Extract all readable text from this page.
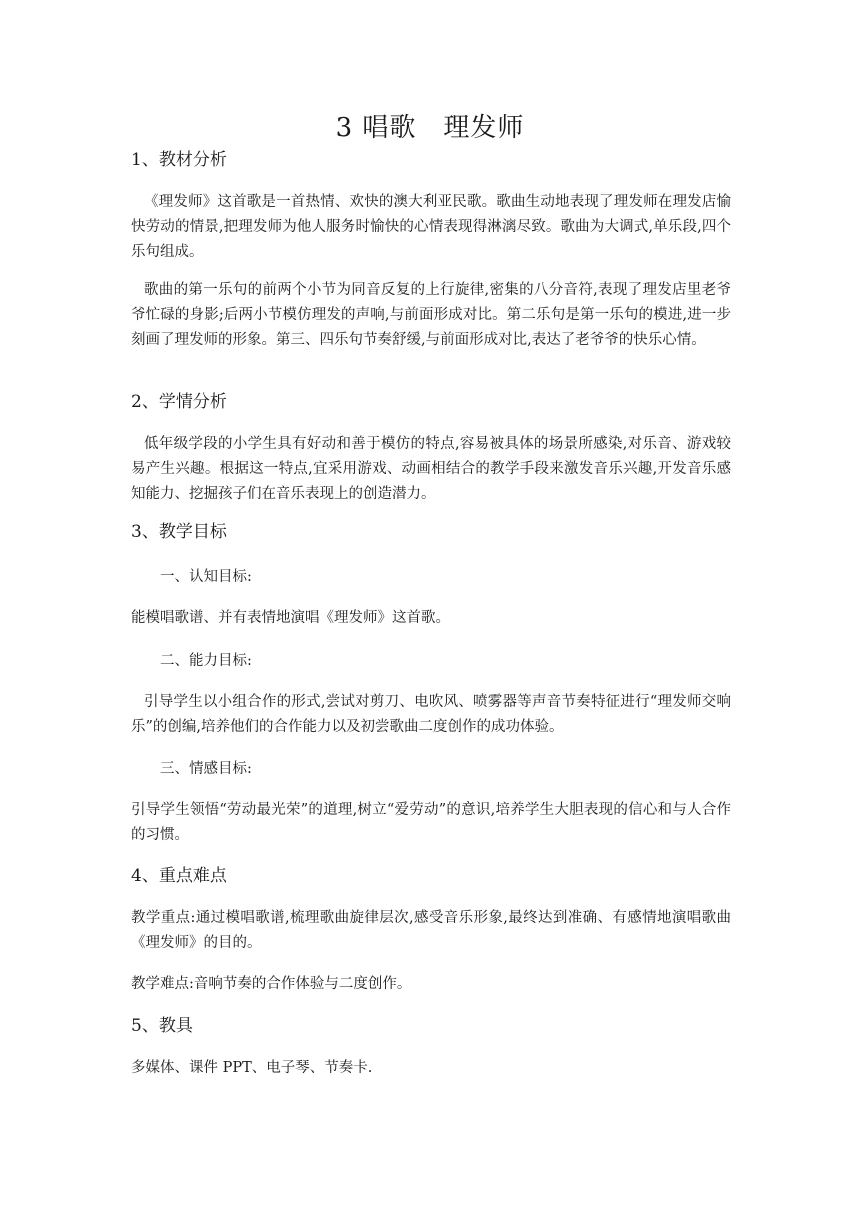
3 唱歌　理发师
1、教材分析
《理发师》这首歌是一首热情、欢快的澳大利亚民歌。歌曲生动地表现了理发师在理发店愉快劳动的情景,把理发师为他人服务时愉快的心情表现得淋漓尽致。歌曲为大调式,单乐段,四个乐句组成。
歌曲的第一乐句的前两个小节为同音反复的上行旋律,密集的八分音符,表现了理发店里老爷爷忙碌的身影;后两小节模仿理发的声响,与前面形成对比。第二乐句是第一乐句的模进,进一步刻画了理发师的形象。第三、四乐句节奏舒缓,与前面形成对比,表达了老爷爷的快乐心情。
2、学情分析
低年级学段的小学生具有好动和善于模仿的特点,容易被具体的场景所感染,对乐音、游戏较易产生兴趣。根据这一特点,宜采用游戏、动画相结合的教学手段来激发音乐兴趣,开发音乐感知能力、挖掘孩子们在音乐表现上的创造潜力。
3、教学目标
一、认知目标:
能模唱歌谱、并有表情地演唱《理发师》这首歌。
二、能力目标:
引导学生以小组合作的形式,尝试对剪刀、电吹风、喷雾器等声音节奏特征进行“理发师交响乐”的创编,培养他们的合作能力以及初尝歌曲二度创作的成功体验。
三、情感目标:
引导学生领悟“劳动最光荣”的道理,树立“爱劳动”的意识,培养学生大胆表现的信心和与人合作的习惯。
4、重点难点
教学重点:通过模唱歌谱,梳理歌曲旋律层次,感受音乐形象,最终达到准确、有感情地演唱歌曲《理发师》的目的。
教学难点:音响节奏的合作体验与二度创作。
5、教具
多媒体、课件 PPT、电子琴、节奏卡.
